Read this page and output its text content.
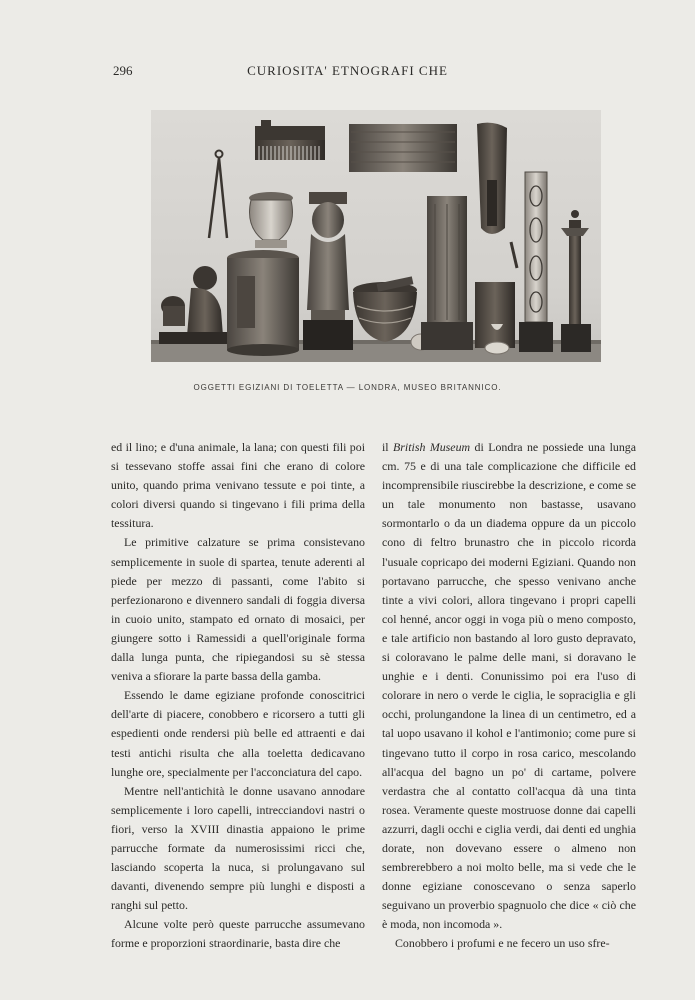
296	CURIOSITA' ETNOGRAFI CHE
OGGETTI EGIZIANI DI TOELETTA — LONDRA, MUSEO BRITANNICO.

ed il lino; e d'una animale, la lana; con questi fili poi si tessevano stoffe assai fini che erano di colore unito, quando prima venivano tessute e poi tinte, a colori diversi quando si tingevano i fili prima della tessitura.

Le primitive calzature se prima consistevano semplicemente in suole di spartea, tenute aderenti al piede per mezzo di passanti, come l'abito si perfezionarono e divennero sandali di foggia diversa in cuoio unito, stampato ed ornato di mosaici, per giungere sotto i Ramessidi a quell'originale forma dalla lunga punta, che ripiegandosi su sè stessa veniva a sfiorare la parte bassa della gamba.

Essendo le dame egiziane profonde conoscitrici dell'arte di piacere, conobbero e ricorsero a tutti gli espedienti onde rendersi più belle ed attraenti e dai testi antichi risulta che alla toeletta dedicavano lunghe ore, specialmente per l'acconciatura del capo.

Mentre nell'antichità le donne usavano annodare semplicemente i loro capelli, intrecciandovi nastri o fiori, verso la XVIII dinastia appaiono le prime parrucche formate da numerosissimi ricci che, lasciando scoperta la nuca, si prolungavano sul davanti, divenendo sempre più lunghi e disposti a ranghi sul petto.

Alcune volte però queste parrucche assumevano forme e proporzioni straordinarie, basta dire che

il British Museum di Londra ne possiede una lunga cm. 75 e di una tale complicazione che difficile ed incomprensibile riuscirebbe la descrizione, e come se un tale monumento non bastasse, usavano sormontarlo o da un diadema oppure da un piccolo cono di feltro brunastro che in piccolo ricorda l'usuale copricapo dei moderni Egiziani. Quando non portavano parrucche, che spesso venivano anche tinte a vivi colori, allora tingevano i propri capelli col henné, ancor oggi in voga più o meno composto, e tale artificio non bastando al loro gusto depravato, si coloravano le palme delle mani, si doravano le unghie e i denti. Conunissimo poi era l'uso di colorare in nero o verde le ciglia, le sopraciglia e gli occhi, prolungandone la linea di un centimetro, ed a tal uopo usavano il kohol e l'antimonio; come pure si tingevano tutto il corpo in rosa carico, mescolando all'acqua del bagno un po' di cartame, polvere verdastra che al contatto coll'acqua dà una tinta rosea. Veramente queste mostruose donne dai capelli azzurri, dagli occhi e ciglia verdi, dai denti ed unghia dorate, non dovevano essere o almeno non sembrerebbero a noi molto belle, ma si vede che le donne egiziane conoscevano o senza saperlo seguivano un proverbio spagnuolo che dice « ciò che è moda, non incomoda ».

Conobbero i profumi e ne fecero un uso sfre-
